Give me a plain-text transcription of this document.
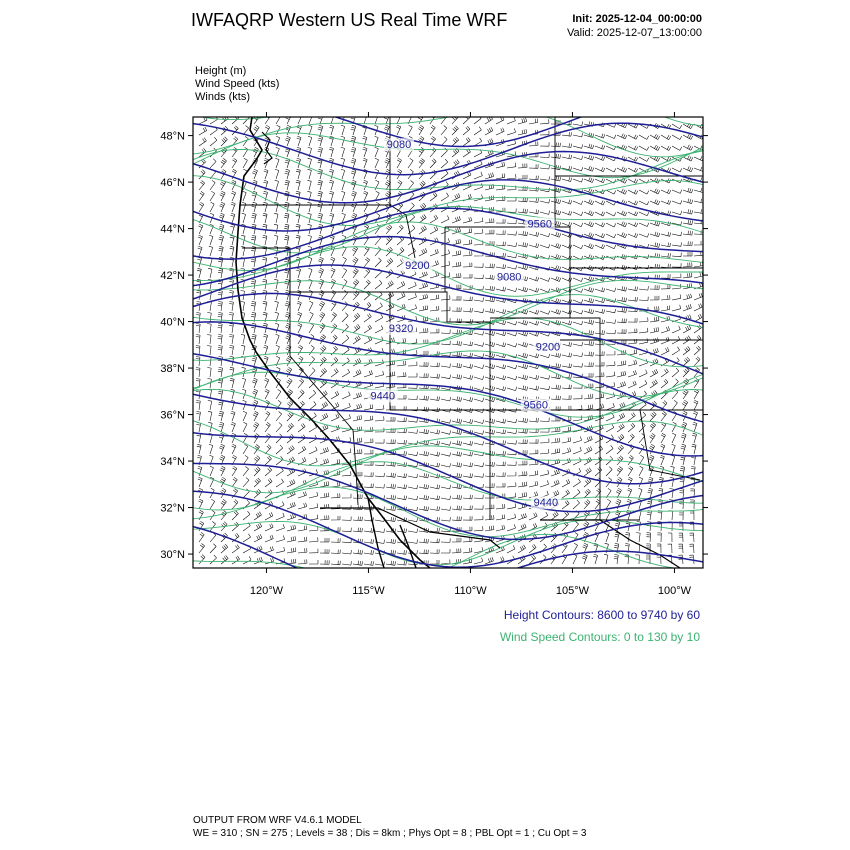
IWFAQRP Western US Real Time WRF	Init: 2025-12-04_00:00:00
Valid: 2025-12-07_13:00:00
Height (m)
Wind Speed (kts)
Winds (kts)
9080
9560
9200
9080
9320
9200
9440
9560
9440
48°N
46°N
44°N
42°N
40°N
38°N
36°N
34°N
32°N
30°N
120°W	115°W	110°W	105°W	100°W
Height Contours: 8600 to 9740 by 60
Wind Speed Contours: 0 to 130 by 10
OUTPUT FROM WRF V4.6.1 MODEL
WE = 310 ; SN = 275 ; Levels = 38 ; Dis = 8km ; Phys Opt = 8 ; PBL Opt = 1 ; Cu Opt = 3
